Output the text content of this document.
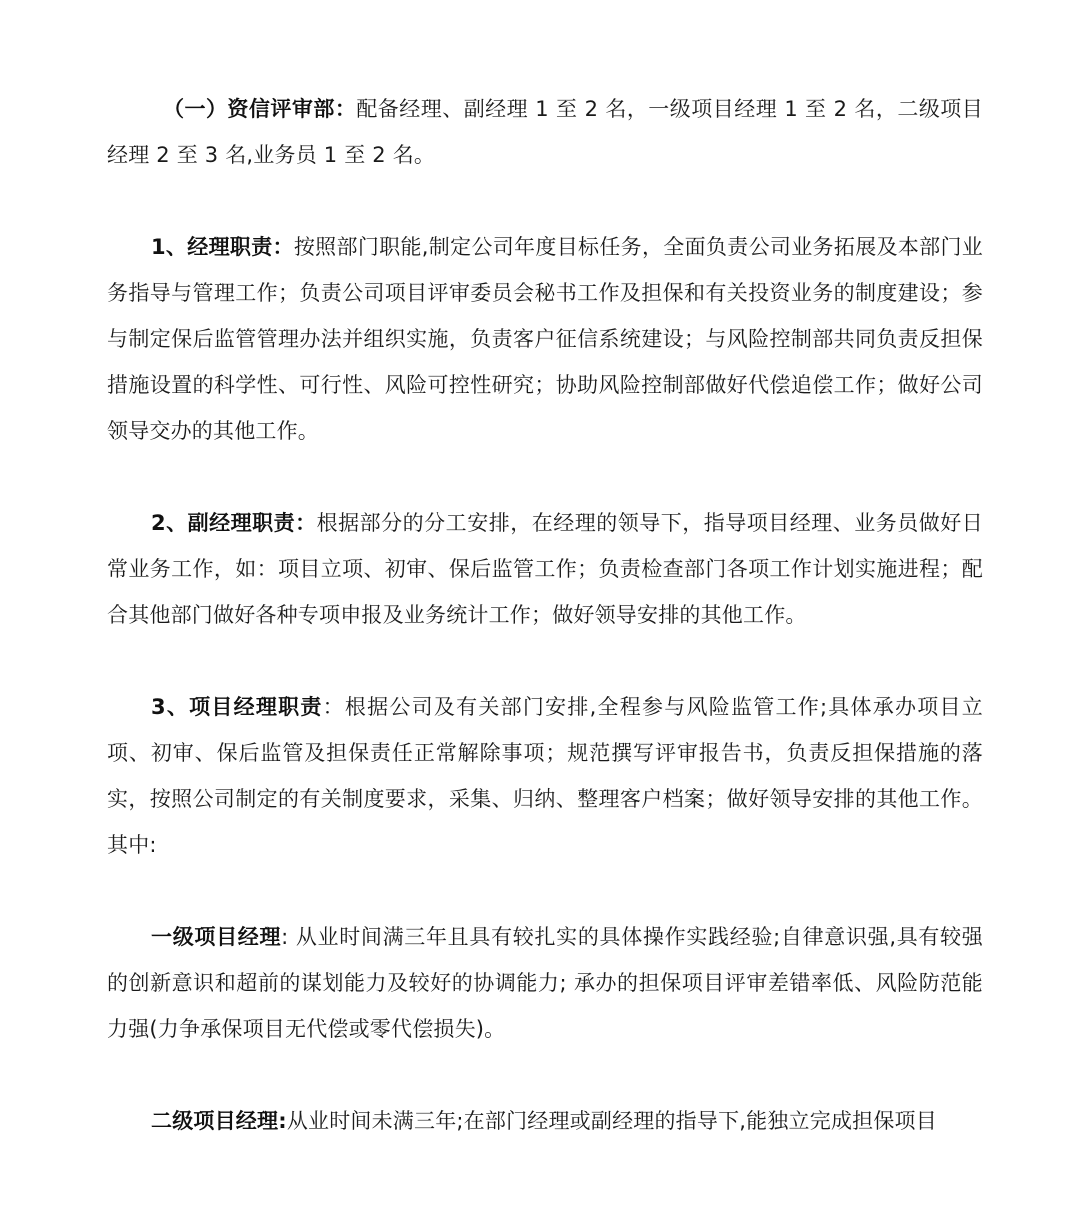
（一）资信评审部：配备经理、副经理 1 至 2 名，一级项目经理 1 至 2 名，二级项目经理 2 至 3 名,业务员 1 至 2 名。

1、经理职责：按照部门职能,制定公司年度目标任务，全面负责公司业务拓展及本部门业务指导与管理工作；负责公司项目评审委员会秘书工作及担保和有关投资业务的制度建设；参与制定保后监管管理办法并组织实施，负责客户征信系统建设；与风险控制部共同负责反担保措施设置的科学性、可行性、风险可控性研究；协助风险控制部做好代偿追偿工作；做好公司领导交办的其他工作。

2、副经理职责：根据部分的分工安排，在经理的领导下，指导项目经理、业务员做好日常业务工作，如：项目立项、初审、保后监管工作；负责检查部门各项工作计划实施进程；配合其他部门做好各种专项申报及业务统计工作；做好领导安排的其他工作。

3、项目经理职责：根据公司及有关部门安排,全程参与风险监管工作;具体承办项目立项、初审、保后监管及担保责任正常解除事项；规范撰写评审报告书，负责反担保措施的落实，按照公司制定的有关制度要求，采集、归纳、整理客户档案；做好领导安排的其他工作。其中:

一级项目经理: 从业时间满三年且具有较扎实的具体操作实践经验;自律意识强,具有较强的创新意识和超前的谋划能力及较好的协调能力; 承办的担保项目评审差错率低、风险防范能力强(力争承保项目无代偿或零代偿损失)。

二级项目经理:从业时间未满三年;在部门经理或副经理的指导下,能独立完成担保项目
